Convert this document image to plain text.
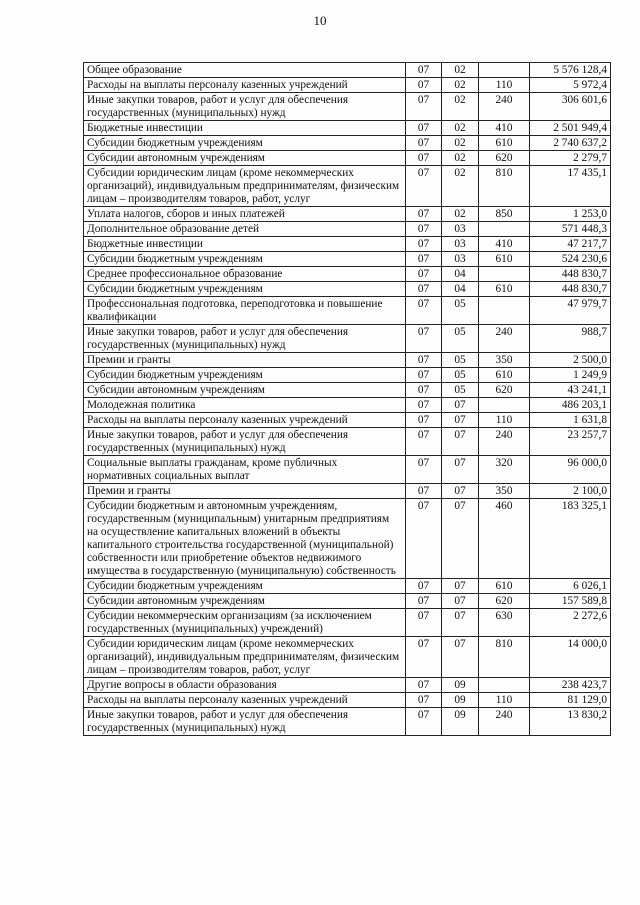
10
Общее образование	07	02		5 576 128,4
Расходы на выплаты персоналу казенных учреждений	07	02	110	5 972,4
Иные закупки товаров, работ и услуг для обеспечения государственных (муниципальных) нужд	07	02	240	306 601,6
Бюджетные инвестиции	07	02	410	2 501 949,4
Субсидии бюджетным учреждениям	07	02	610	2 740 637,2
Субсидии автономным учреждениям	07	02	620	2 279,7
Субсидии юридическим лицам (кроме некоммерческих организаций), индивидуальным предпринимателям, физическим лицам – производителям товаров, работ, услуг	07	02	810	17 435,1
Уплата налогов, сборов и иных платежей	07	02	850	1 253,0
Дополнительное образование детей	07	03		571 448,3
Бюджетные инвестиции	07	03	410	47 217,7
Субсидии бюджетным учреждениям	07	03	610	524 230,6
Среднее профессиональное образование	07	04		448 830,7
Субсидии бюджетным учреждениям	07	04	610	448 830,7
Профессиональная подготовка, переподготовка и повышение квалификации	07	05		47 979,7
Иные закупки товаров, работ и услуг для обеспечения государственных (муниципальных) нужд	07	05	240	988,7
Премии и гранты	07	05	350	2 500,0
Субсидии бюджетным учреждениям	07	05	610	1 249,9
Субсидии автономным учреждениям	07	05	620	43 241,1
Молодежная политика	07	07		486 203,1
Расходы на выплаты персоналу казенных учреждений	07	07	110	1 631,8
Иные закупки товаров, работ и услуг для обеспечения государственных (муниципальных) нужд	07	07	240	23 257,7
Социальные выплаты гражданам, кроме публичных нормативных социальных выплат	07	07	320	96 000,0
Премии и гранты	07	07	350	2 100,0
Субсидии бюджетным и автономным учреждениям, государственным (муниципальным) унитарным предприятиям на осуществление капитальных вложений в объекты капитального строительства государственной (муниципальной) собственности или приобретение объектов недвижимого имущества в государственную (муниципальную) собственность	07	07	460	183 325,1
Субсидии бюджетным учреждениям	07	07	610	6 026,1
Субсидии автономным учреждениям	07	07	620	157 589,8
Субсидии некоммерческим организациям (за исключением государственных (муниципальных) учреждений)	07	07	630	2 272,6
Субсидии юридическим лицам (кроме некоммерческих организаций), индивидуальным предпринимателям, физическим лицам – производителям товаров, работ, услуг	07	07	810	14 000,0
Другие вопросы в области образования	07	09		238 423,7
Расходы на выплаты персоналу казенных учреждений	07	09	110	81 129,0
Иные закупки товаров, работ и услуг для обеспечения государственных (муниципальных) нужд	07	09	240	13 830,2
